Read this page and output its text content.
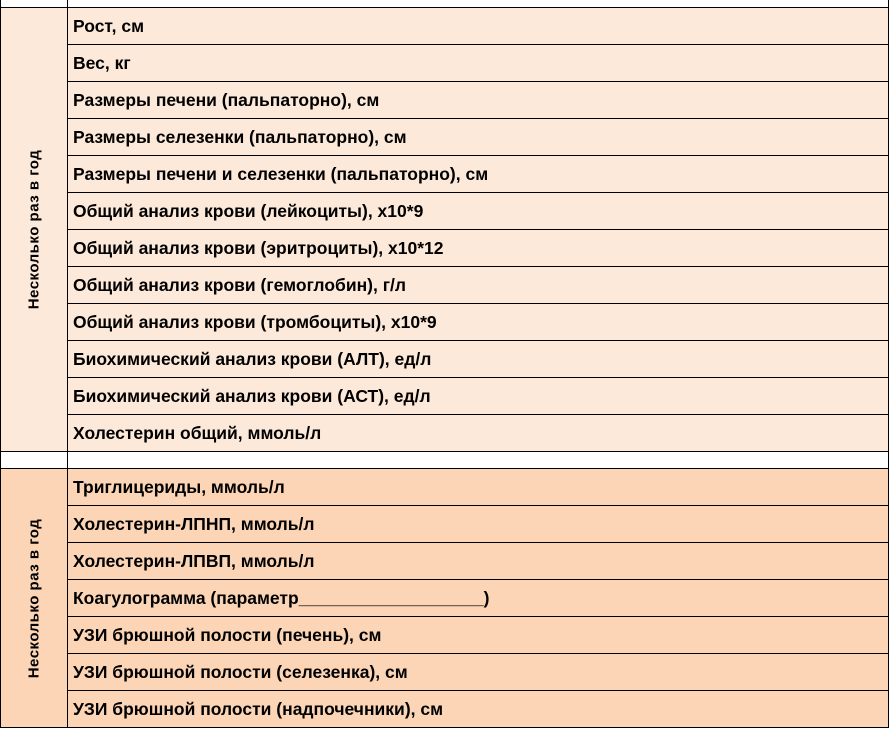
Несколько раз в год
Рост, см
Вес, кг
Размеры печени (пальпаторно), см
Размеры селезенки (пальпаторно), см
Размеры печени и селезенки (пальпаторно), см
Общий анализ крови (лейкоциты), х10*9
Общий анализ крови (эритроциты), х10*12
Общий анализ крови (гемоглобин), г/л
Общий анализ крови (тромбоциты), х10*9
Биохимический анализ крови (АЛТ), ед/л
Биохимический анализ крови (АСТ), ед/л
Холестерин общий, ммоль/л
Несколько раз в год
Триглицериды, ммоль/л
Холестерин-ЛПНП, ммоль/л
Холестерин-ЛПВП, ммоль/л
Коагулограмма (параметр___________________)
УЗИ брюшной полости (печень), см
УЗИ брюшной полости (селезенка), см
УЗИ брюшной полости (надпочечники), см
